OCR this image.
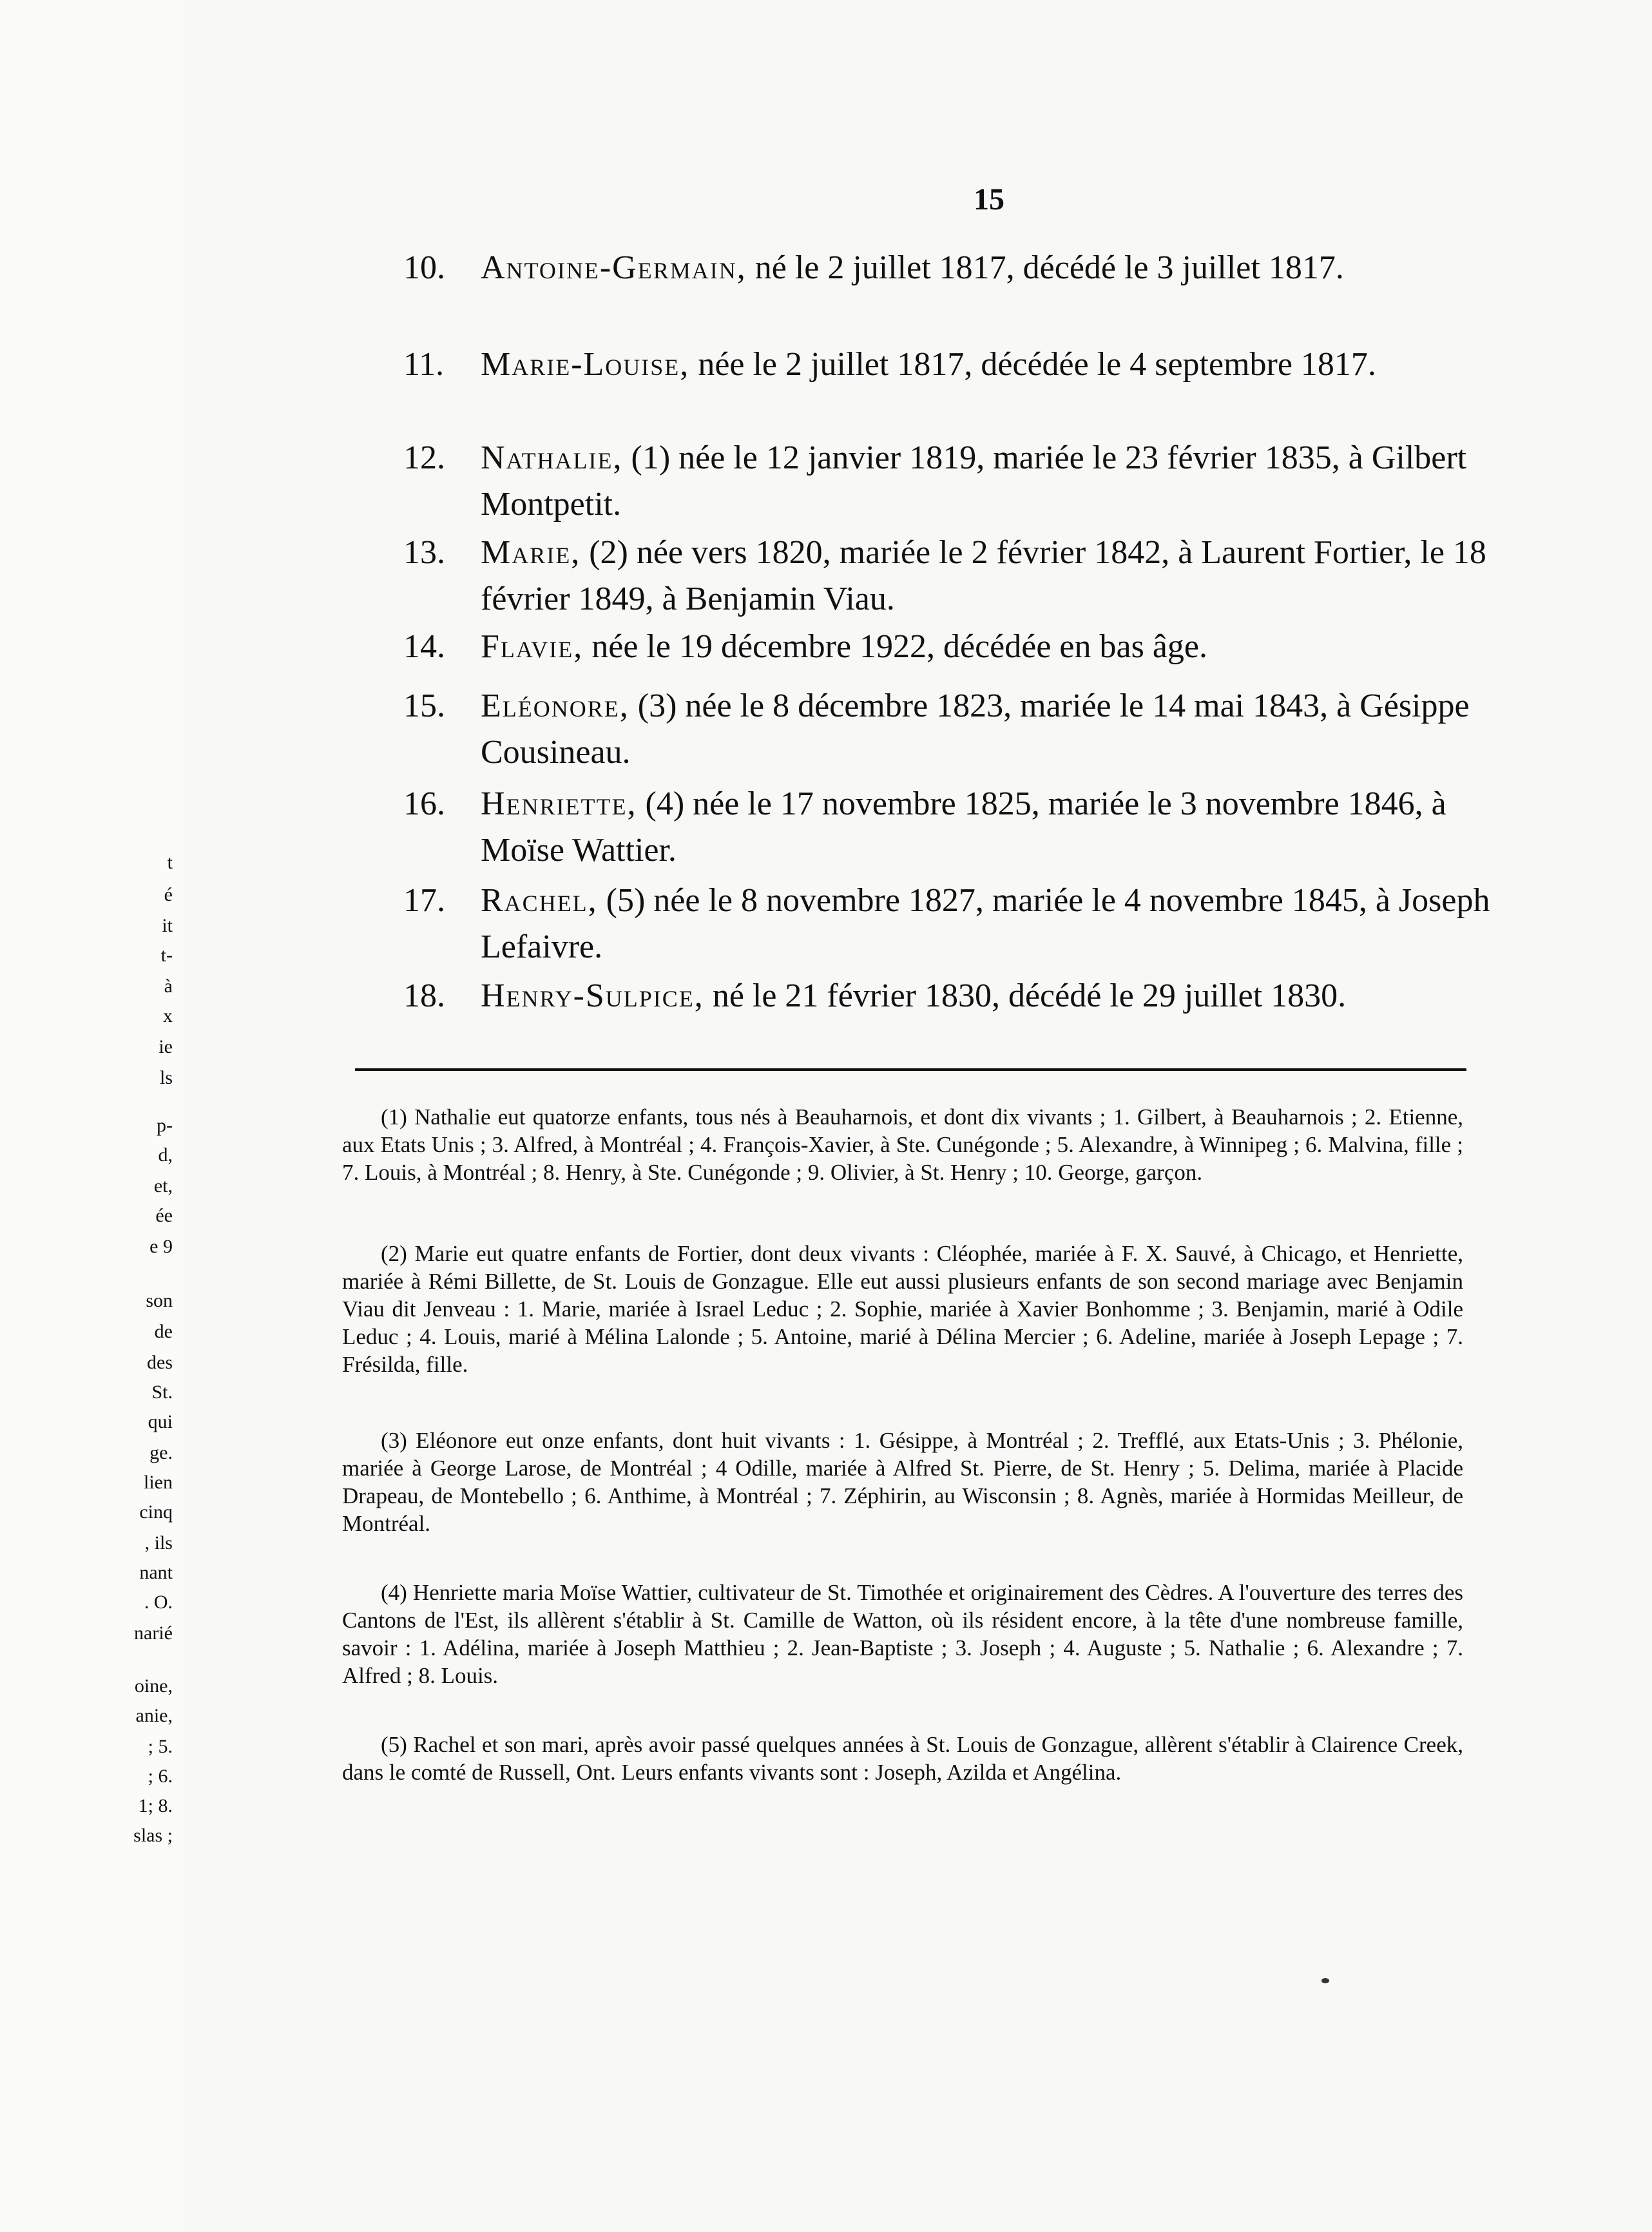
t
é
it
t-
à
x
ie
ls
p-
d,
et,
ée
e 9
son
de
des
St.
qui
ge.
lien
cinq
, ils
nant
. O.
narié
oine,
anie,
; 5.
; 6.
1; 8.
slas ;
15
10.	Antoine-Germain, né le 2 juillet 1817, décédé le 3 juillet 1817.
11.	Marie-Louise, née le 2 juillet 1817, décédée le 4 septembre 1817.
12.	Nathalie, (1) née le 12 janvier 1819, mariée le 23 février 1835, à Gilbert Montpetit.
13.	Marie, (2) née vers 1820, mariée le 2 février 1842, à Laurent Fortier, le 18 février 1849, à Benjamin Viau.
14.	Flavie, née le 19 décembre 1922, décédée en bas âge.
15.	Eléonore, (3) née le 8 décembre 1823, mariée le 14 mai 1843, à Gésippe Cousineau.
16.	Henriette, (4) née le 17 novembre 1825, mariée le 3 novembre 1846, à Moïse Wattier.
17.	Rachel, (5) née le 8 novembre 1827, mariée le 4 novembre 1845, à Joseph Lefaivre.
18.	Henry-Sulpice, né le 21 février 1830, décédé le 29 juillet 1830.

(1) Nathalie eut quatorze enfants, tous nés à Beauharnois, et dont dix vivants ; 1. Gilbert, à Beauharnois ; 2. Etienne, aux Etats Unis ; 3. Alfred, à Montréal ; 4. François-Xavier, à Ste. Cunégonde ; 5. Alexandre, à Winnipeg ; 6. Malvina, fille ; 7. Louis, à Montréal ; 8. Henry, à Ste. Cunégonde ; 9. Olivier, à St. Henry ; 10. George, garçon.

(2) Marie eut quatre enfants de Fortier, dont deux vivants : Cléophée, mariée à F. X. Sauvé, à Chicago, et Henriette, mariée à Rémi Billette, de St. Louis de Gonzague. Elle eut aussi plusieurs enfants de son second mariage avec Benjamin Viau dit Jenveau : 1. Marie, mariée à Israel Leduc ; 2. Sophie, mariée à Xavier Bonhomme ; 3. Benjamin, marié à Odile Leduc ; 4. Louis, marié à Mélina Lalonde ; 5. Antoine, marié à Délina Mercier ; 6. Adeline, mariée à Joseph Lepage ; 7. Frésilda, fille.

(3) Eléonore eut onze enfants, dont huit vivants : 1. Gésippe, à Montréal ; 2. Trefflé, aux Etats-Unis ; 3. Phélonie, mariée à George Larose, de Montréal ; 4 Odille, mariée à Alfred St. Pierre, de St. Henry ; 5. Delima, mariée à Placide Drapeau, de Montebello ; 6. Anthime, à Montréal ; 7. Zéphirin, au Wisconsin ; 8. Agnès, mariée à Hormidas Meilleur, de Montréal.

(4) Henriette maria Moïse Wattier, cultivateur de St. Timothée et originairement des Cèdres. A l'ouverture des terres des Cantons de l'Est, ils allèrent s'établir à St. Camille de Watton, où ils résident encore, à la tête d'une nombreuse famille, savoir : 1. Adélina, mariée à Joseph Matthieu ; 2. Jean-Baptiste ; 3. Joseph ; 4. Auguste ; 5. Nathalie ; 6. Alexandre ; 7. Alfred ; 8. Louis.

(5) Rachel et son mari, après avoir passé quelques années à St. Louis de Gonzague, allèrent s'établir à Clairence Creek, dans le comté de Russell, Ont. Leurs enfants vivants sont : Joseph, Azilda et Angélina.
